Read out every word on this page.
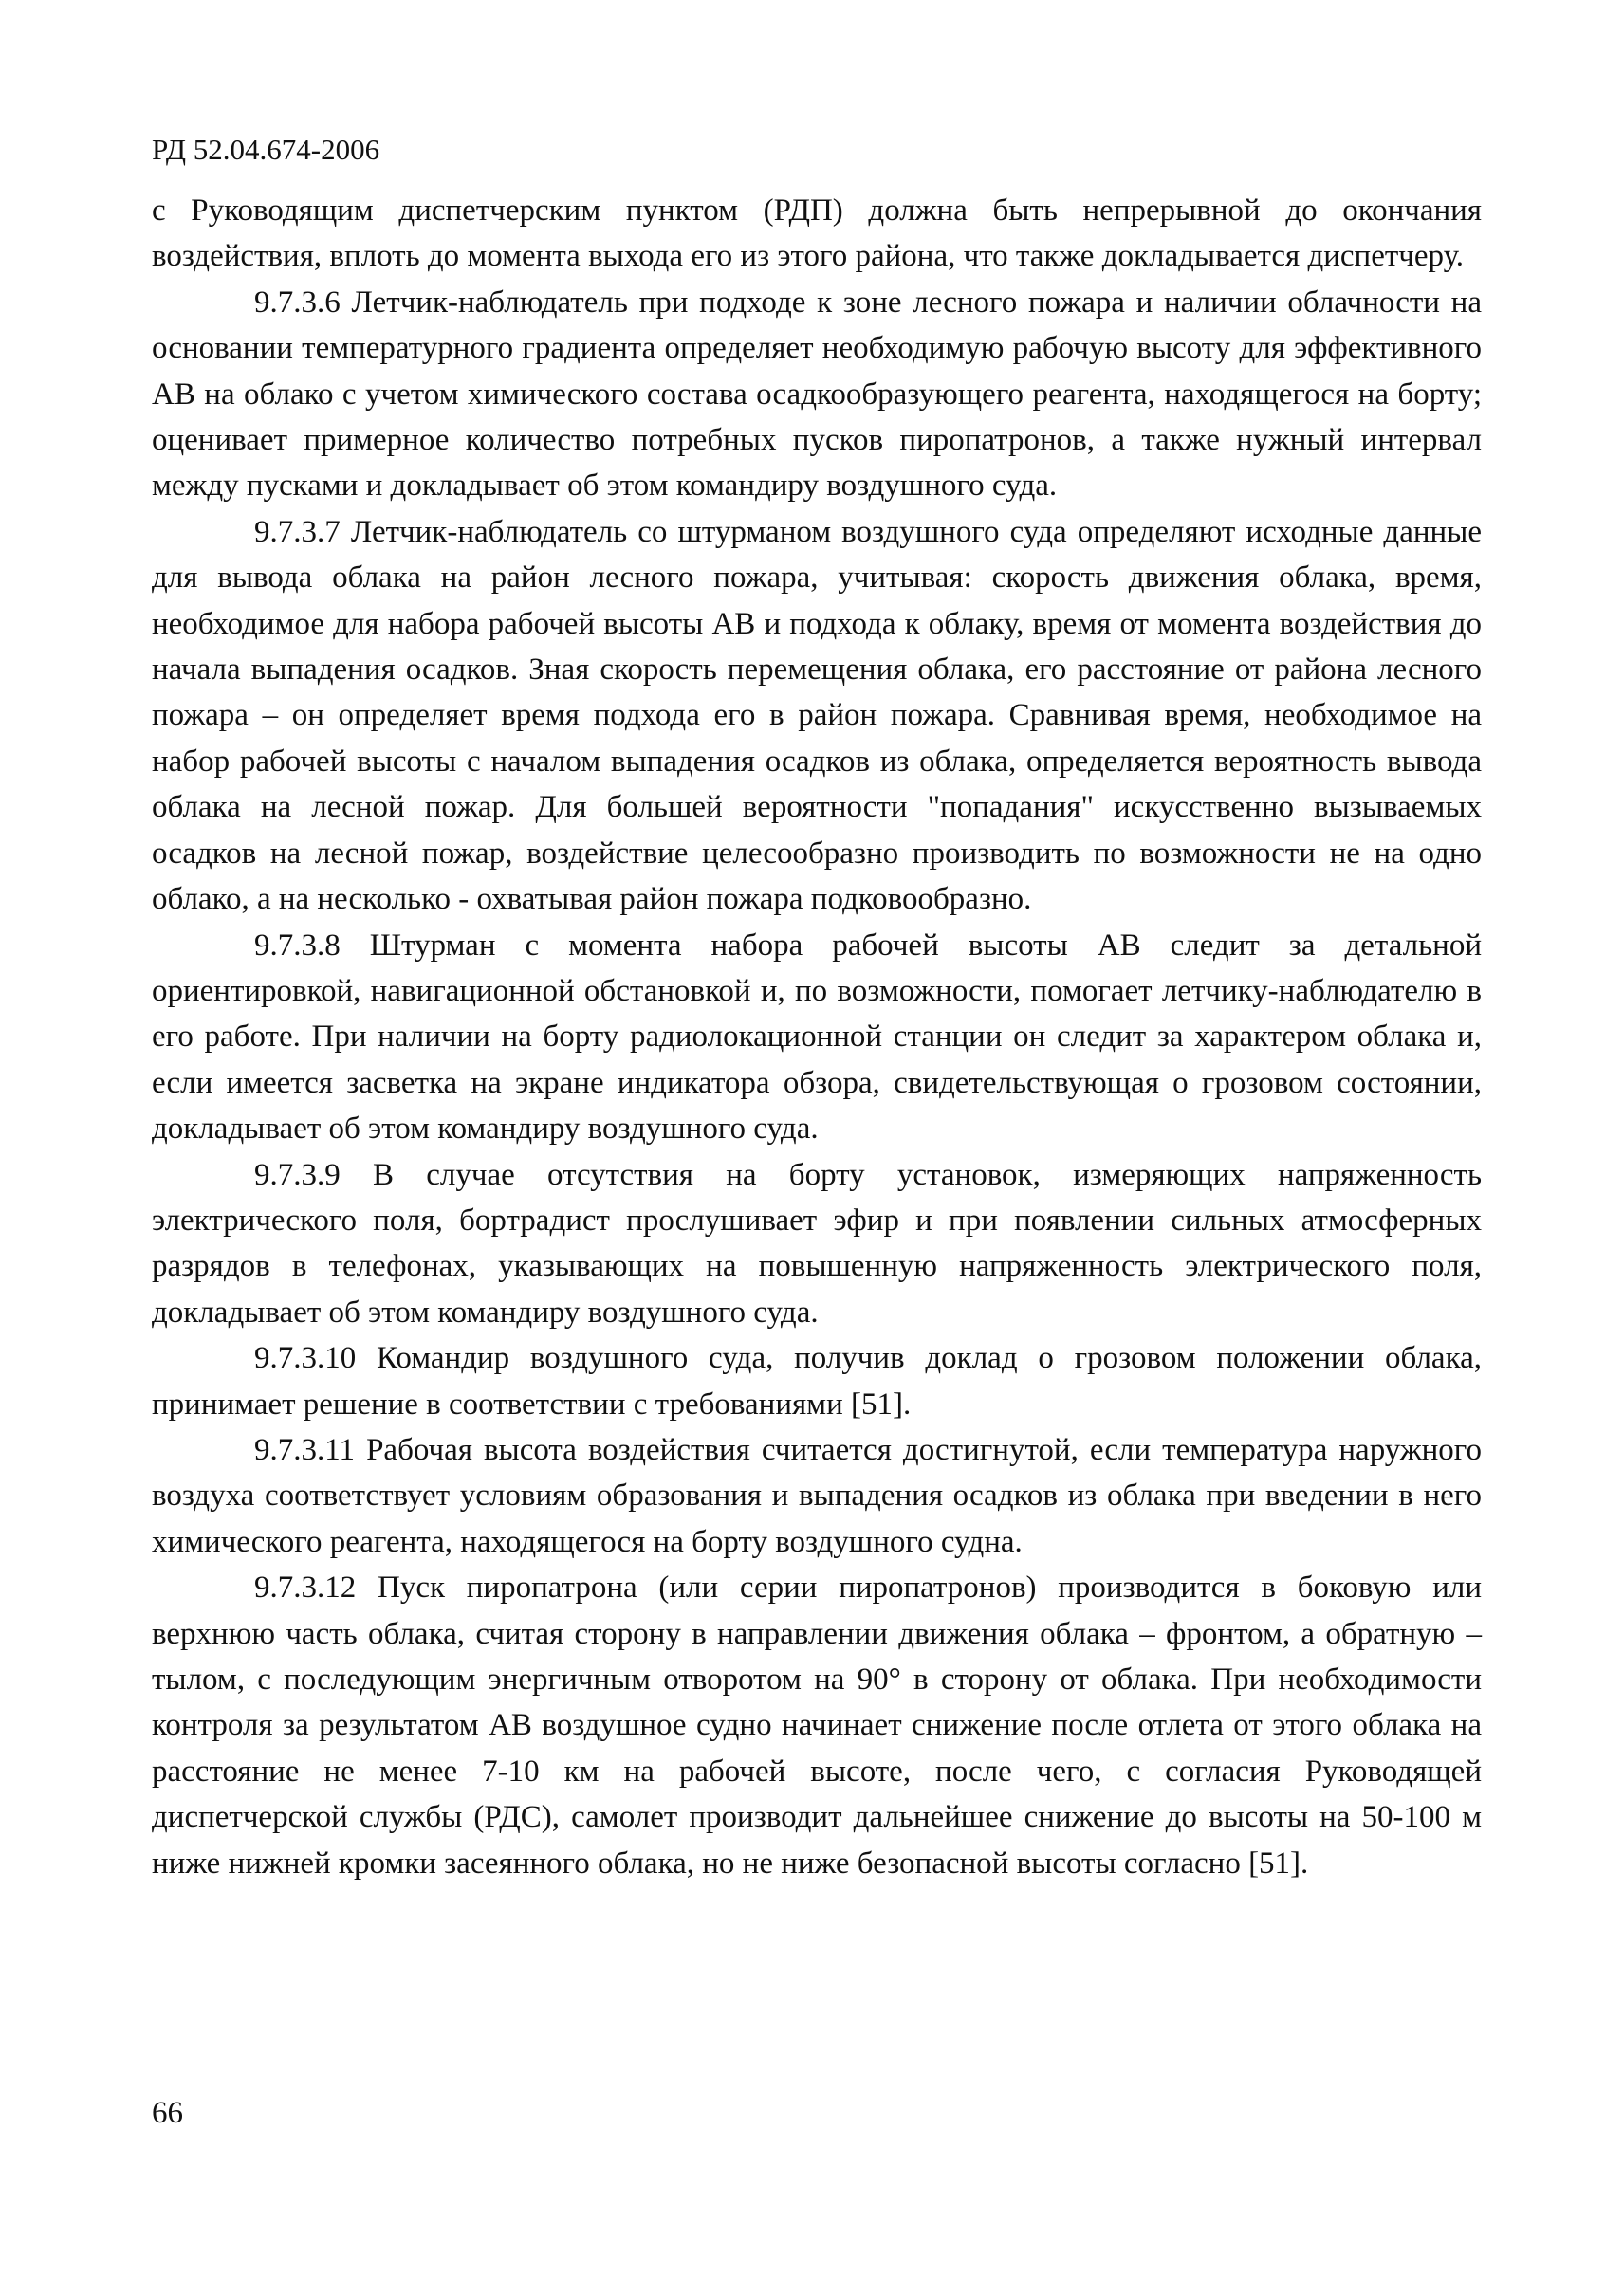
РД 52.04.674-2006

с Руководящим диспетчерским пунктом (РДП) должна быть непрерывной до окончания воздействия, вплоть до момента выхода его из этого района, что также докладывается диспетчеру.

9.7.3.6 Летчик-наблюдатель при подходе к зоне лесного пожара и наличии облачности на основании температурного градиента определяет необходимую рабочую высоту для эффективного АВ на облако с учетом химического состава осадкообразующего реагента, находящегося на борту; оценивает примерное количество потребных пусков пиропатронов, а также нужный интервал между пусками и докладывает об этом командиру воздушного суда.

9.7.3.7 Летчик-наблюдатель со штурманом воздушного суда определяют исходные данные для вывода облака на район лесного пожара, учитывая: скорость движения облака, время, необходимое для набора рабочей высоты АВ и подхода к облаку, время от момента воздействия до начала выпадения осадков. Зная скорость перемещения облака, его расстояние от района лесного пожара – он определяет время подхода его в район пожара. Сравнивая время, необходимое на набор рабочей высоты с началом выпадения осадков из облака, определяется вероятность вывода облака на лесной пожар. Для большей вероятности "попадания" искусственно вызываемых осадков на лесной пожар, воздействие целесообразно производить по возможности не на одно облако, а на несколько - охватывая район пожара подковообразно.

9.7.3.8 Штурман с момента набора рабочей высоты АВ следит за детальной ориентировкой, навигационной обстановкой и, по возможности, помогает летчику-наблюдателю в его работе. При наличии на борту радиолокационной станции он следит за характером облака и, если имеется засветка на экране индикатора обзора, свидетельствующая о грозовом состоянии, докладывает об этом командиру воздушного суда.

9.7.3.9 В случае отсутствия на борту установок, измеряющих напряженность электрического поля, бортрадист прослушивает эфир и при появлении сильных атмосферных разрядов в телефонах, указывающих на повышенную напряженность электрического поля, докладывает об этом командиру воздушного суда.

9.7.3.10 Командир воздушного суда, получив доклад о грозовом положении облака, принимает решение в соответствии с требованиями [51].

9.7.3.11 Рабочая высота воздействия считается достигнутой, если температура наружного воздуха соответствует условиям образования и выпадения осадков из облака при введении в него химического реагента, находящегося на борту воздушного судна.

9.7.3.12 Пуск пиропатрона (или серии пиропатронов) производится в боковую или верхнюю часть облака, считая сторону в направлении движения облака – фронтом, а обратную – тылом, с последующим энергичным отворотом на 90° в сторону от облака. При необходимости контроля за результатом АВ воздушное судно начинает снижение после отлета от этого облака на расстояние не менее 7-10 км на рабочей высоте, после чего, с согласия Руководящей диспетчерской службы (РДС), самолет производит дальнейшее снижение до высоты на 50-100 м ниже нижней кромки засеянного облака, но не ниже безопасной высоты согласно [51].

66
